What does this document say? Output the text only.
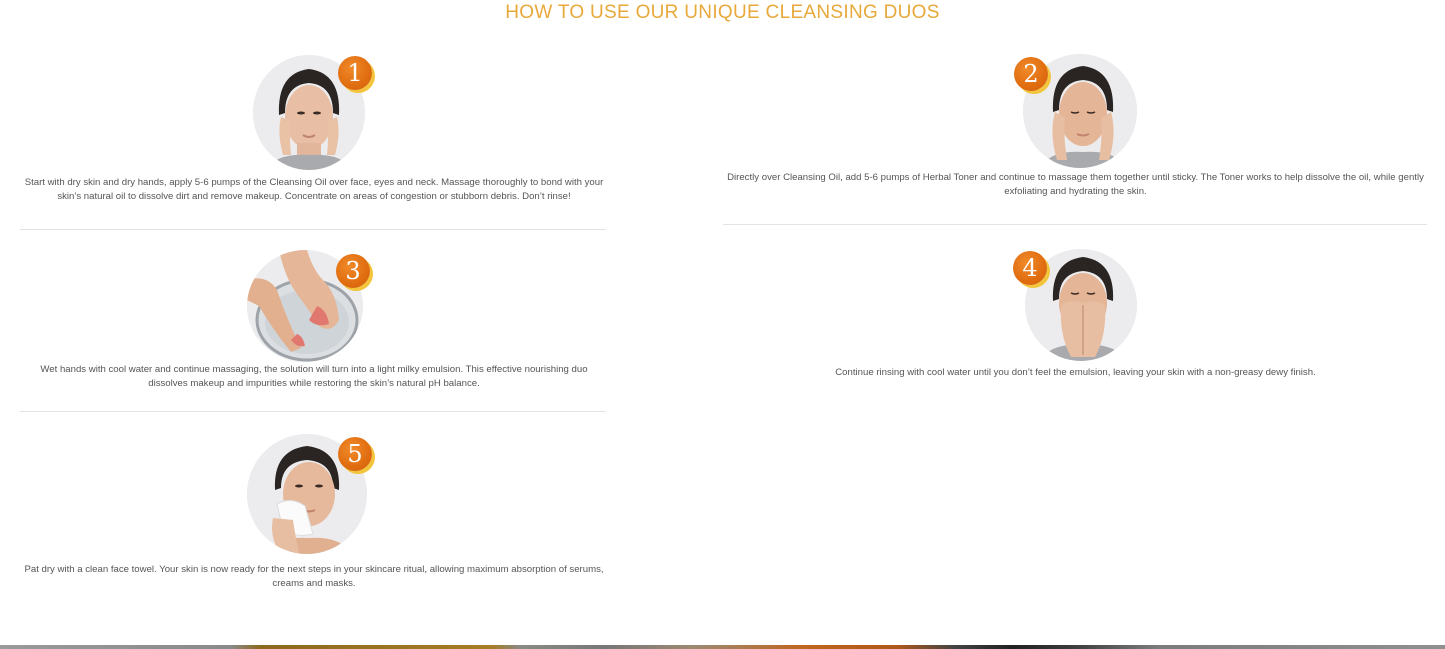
HOW TO USE OUR UNIQUE CLEANSING DUOS
1

Start with dry skin and dry hands, apply 5-6 pumps of the Cleansing Oil over face, eyes and neck. Massage thoroughly to bond with your skin’s natural oil to dissolve dirt and remove makeup. Concentrate on areas of congestion or stubborn debris. Don’t rinse!

2

Directly over Cleansing Oil, add 5-6 pumps of Herbal Toner and continue to massage them together until sticky. The Toner works to help dissolve the oil, while gently exfoliating and hydrating the skin.

3

Wet hands with cool water and continue massaging, the solution will turn into a light milky emulsion. This effective nourishing duo dissolves makeup and impurities while restoring the skin’s natural pH balance.

4

Continue rinsing with cool water until you don’t feel the emulsion, leaving your skin with a non-greasy dewy finish.

5

Pat dry with a clean face towel. Your skin is now ready for the next steps in your skincare ritual, allowing maximum absorption of serums, creams and masks.
